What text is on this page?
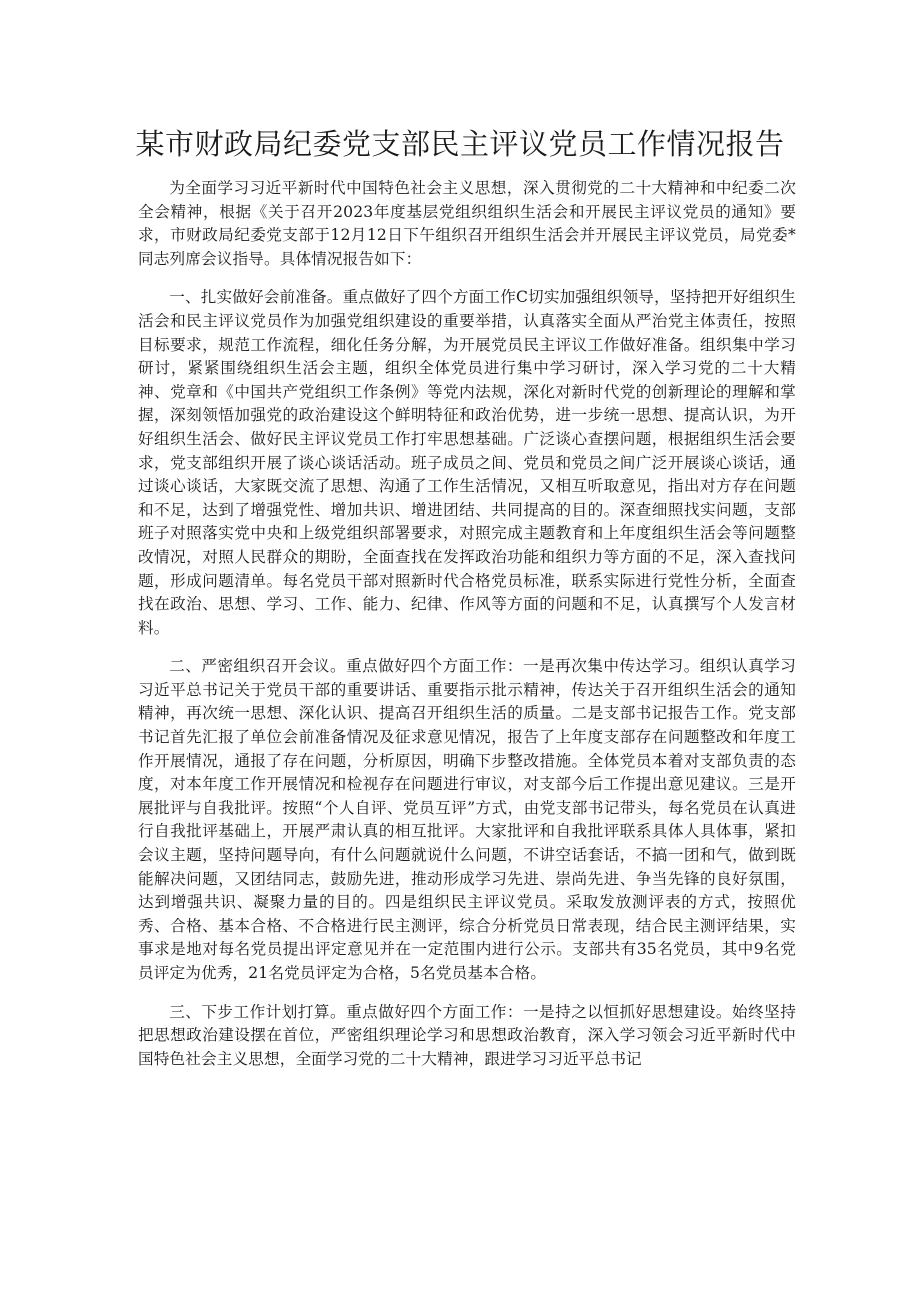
某市财政局纪委党支部民主评议党员工作情况报告

为全面学习习近平新时代中国特色社会主义思想，深入贯彻党的二十大精神和中纪委二次全会精神，根据《关于召开2023年度基层党组织组织生活会和开展民主评议党员的通知》要求，市财政局纪委党支部于12月12日下午组织召开组织生活会并开展民主评议党员，局党委*同志列席会议指导。具体情况报告如下：

一、扎实做好会前准备。重点做好了四个方面工作C切实加强组织领导，坚持把开好组织生活会和民主评议党员作为加强党组织建设的重要举措，认真落实全面从严治党主体责任，按照目标要求，规范工作流程，细化任务分解，为开展党员民主评议工作做好准备。组织集中学习研讨，紧紧围绕组织生活会主题，组织全体党员进行集中学习研讨，深入学习党的二十大精神、党章和《中国共产党组织工作条例》等党内法规，深化对新时代党的创新理论的理解和掌握，深刻领悟加强党的政治建设这个鲜明特征和政治优势，进一步统一思想、提高认识，为开好组织生活会、做好民主评议党员工作打牢思想基础。广泛谈心查摆问题，根据组织生活会要求，党支部组织开展了谈心谈话活动。班子成员之间、党员和党员之间广泛开展谈心谈话，通过谈心谈话，大家既交流了思想、沟通了工作生活情况，又相互听取意见，指出对方存在问题和不足，达到了增强党性、增加共识、增进团结、共同提高的目的。深查细照找实问题，支部班子对照落实党中央和上级党组织部署要求，对照完成主题教育和上年度组织生活会等问题整改情况，对照人民群众的期盼，全面查找在发挥政治功能和组织力等方面的不足，深入查找问题，形成问题清单。每名党员干部对照新时代合格党员标准，联系实际进行党性分析，全面查找在政治、思想、学习、工作、能力、纪律、作风等方面的问题和不足，认真撰写个人发言材料。

二、严密组织召开会议。重点做好四个方面工作：一是再次集中传达学习。组织认真学习习近平总书记关于党员干部的重要讲话、重要指示批示精神，传达关于召开组织生活会的通知精神，再次统一思想、深化认识、提高召开组织生活的质量。二是支部书记报告工作。党支部书记首先汇报了单位会前准备情况及征求意见情况，报告了上年度支部存在问题整改和年度工作开展情况，通报了存在问题，分析原因，明确下步整改措施。全体党员本着对支部负责的态度，对本年度工作开展情况和检视存在问题进行审议，对支部今后工作提出意见建议。三是开展批评与自我批评。按照“个人自评、党员互评”方式，由党支部书记带头，每名党员在认真进行自我批评基础上，开展严肃认真的相互批评。大家批评和自我批评联系具体人具体事，紧扣会议主题，坚持问题导向，有什么问题就说什么问题，不讲空话套话，不搞一团和气，做到既能解决问题，又团结同志，鼓励先进，推动形成学习先进、崇尚先进、争当先锋的良好氛围，达到增强共识、凝聚力量的目的。四是组织民主评议党员。采取发放测评表的方式，按照优秀、合格、基本合格、不合格进行民主测评，综合分析党员日常表现，结合民主测评结果，实事求是地对每名党员提出评定意见并在一定范围内进行公示。支部共有35名党员，其中9名党员评定为优秀，21名党员评定为合格，5名党员基本合格。

三、下步工作计划打算。重点做好四个方面工作：一是持之以恒抓好思想建设。始终坚持把思想政治建设摆在首位，严密组织理论学习和思想政治教育，深入学习领会习近平新时代中国特色社会主义思想，全面学习党的二十大精神，跟进学习习近平总书记
